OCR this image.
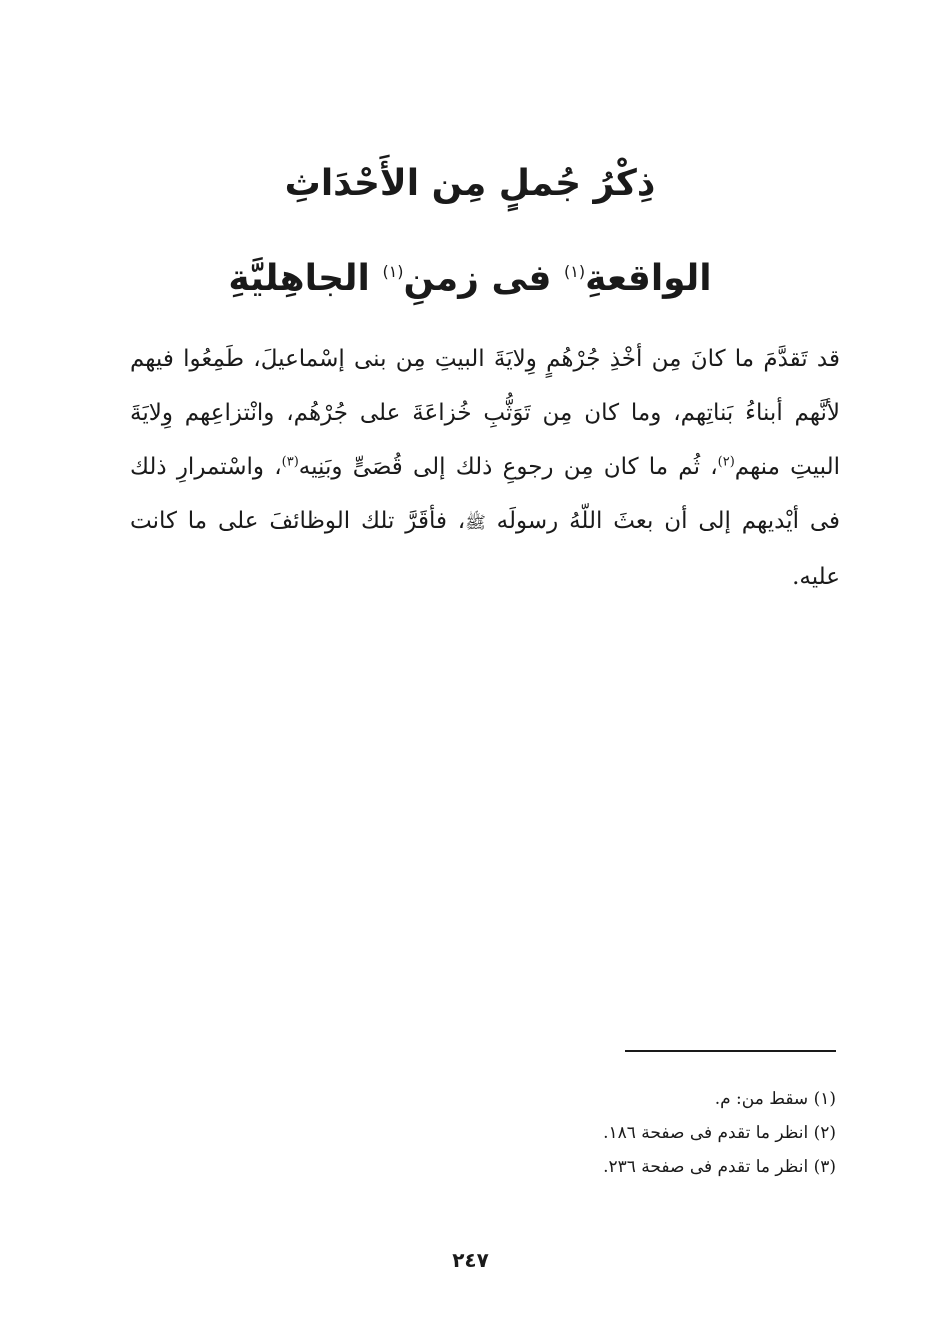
ذِكْرُ جُملٍ مِن الأَحْدَاثِ

الواقعةِ$^{(١)}$ فى زمنِ$^{(١)}$ الجاهِليَّةِ

قد تَقدَّمَ ما كانَ مِن أخْذِ جُرْهُمٍ وِلايَةَ البيتِ مِن بنى إسْماعيلَ، طَمِعُوا فيهم لأنَّهم أبناءُ بَناتِهم، وما كان مِن تَوَثُّبِ خُزاعَةَ على جُرْهُم، وانْتزاعِهم وِلايَةَ البيتِ منهم$^{(٢)}$، ثُم ما كان مِن رجوعِ ذلك إلى قُصَىٍّ وبَنِيه$^{(٣)}$، واسْتمرارِ ذلك فى أيْديهم إلى أن بعثَ اللّهُ رسولَه ﷺ، فأقَرَّ تلك الوظائفَ على ما كانت عليه.

(١) سقط من: م.
(٢) انظر ما تقدم فى صفحة ١٨٦.
(٣) انظر ما تقدم فى صفحة ٢٣٦.
٢٤٧
